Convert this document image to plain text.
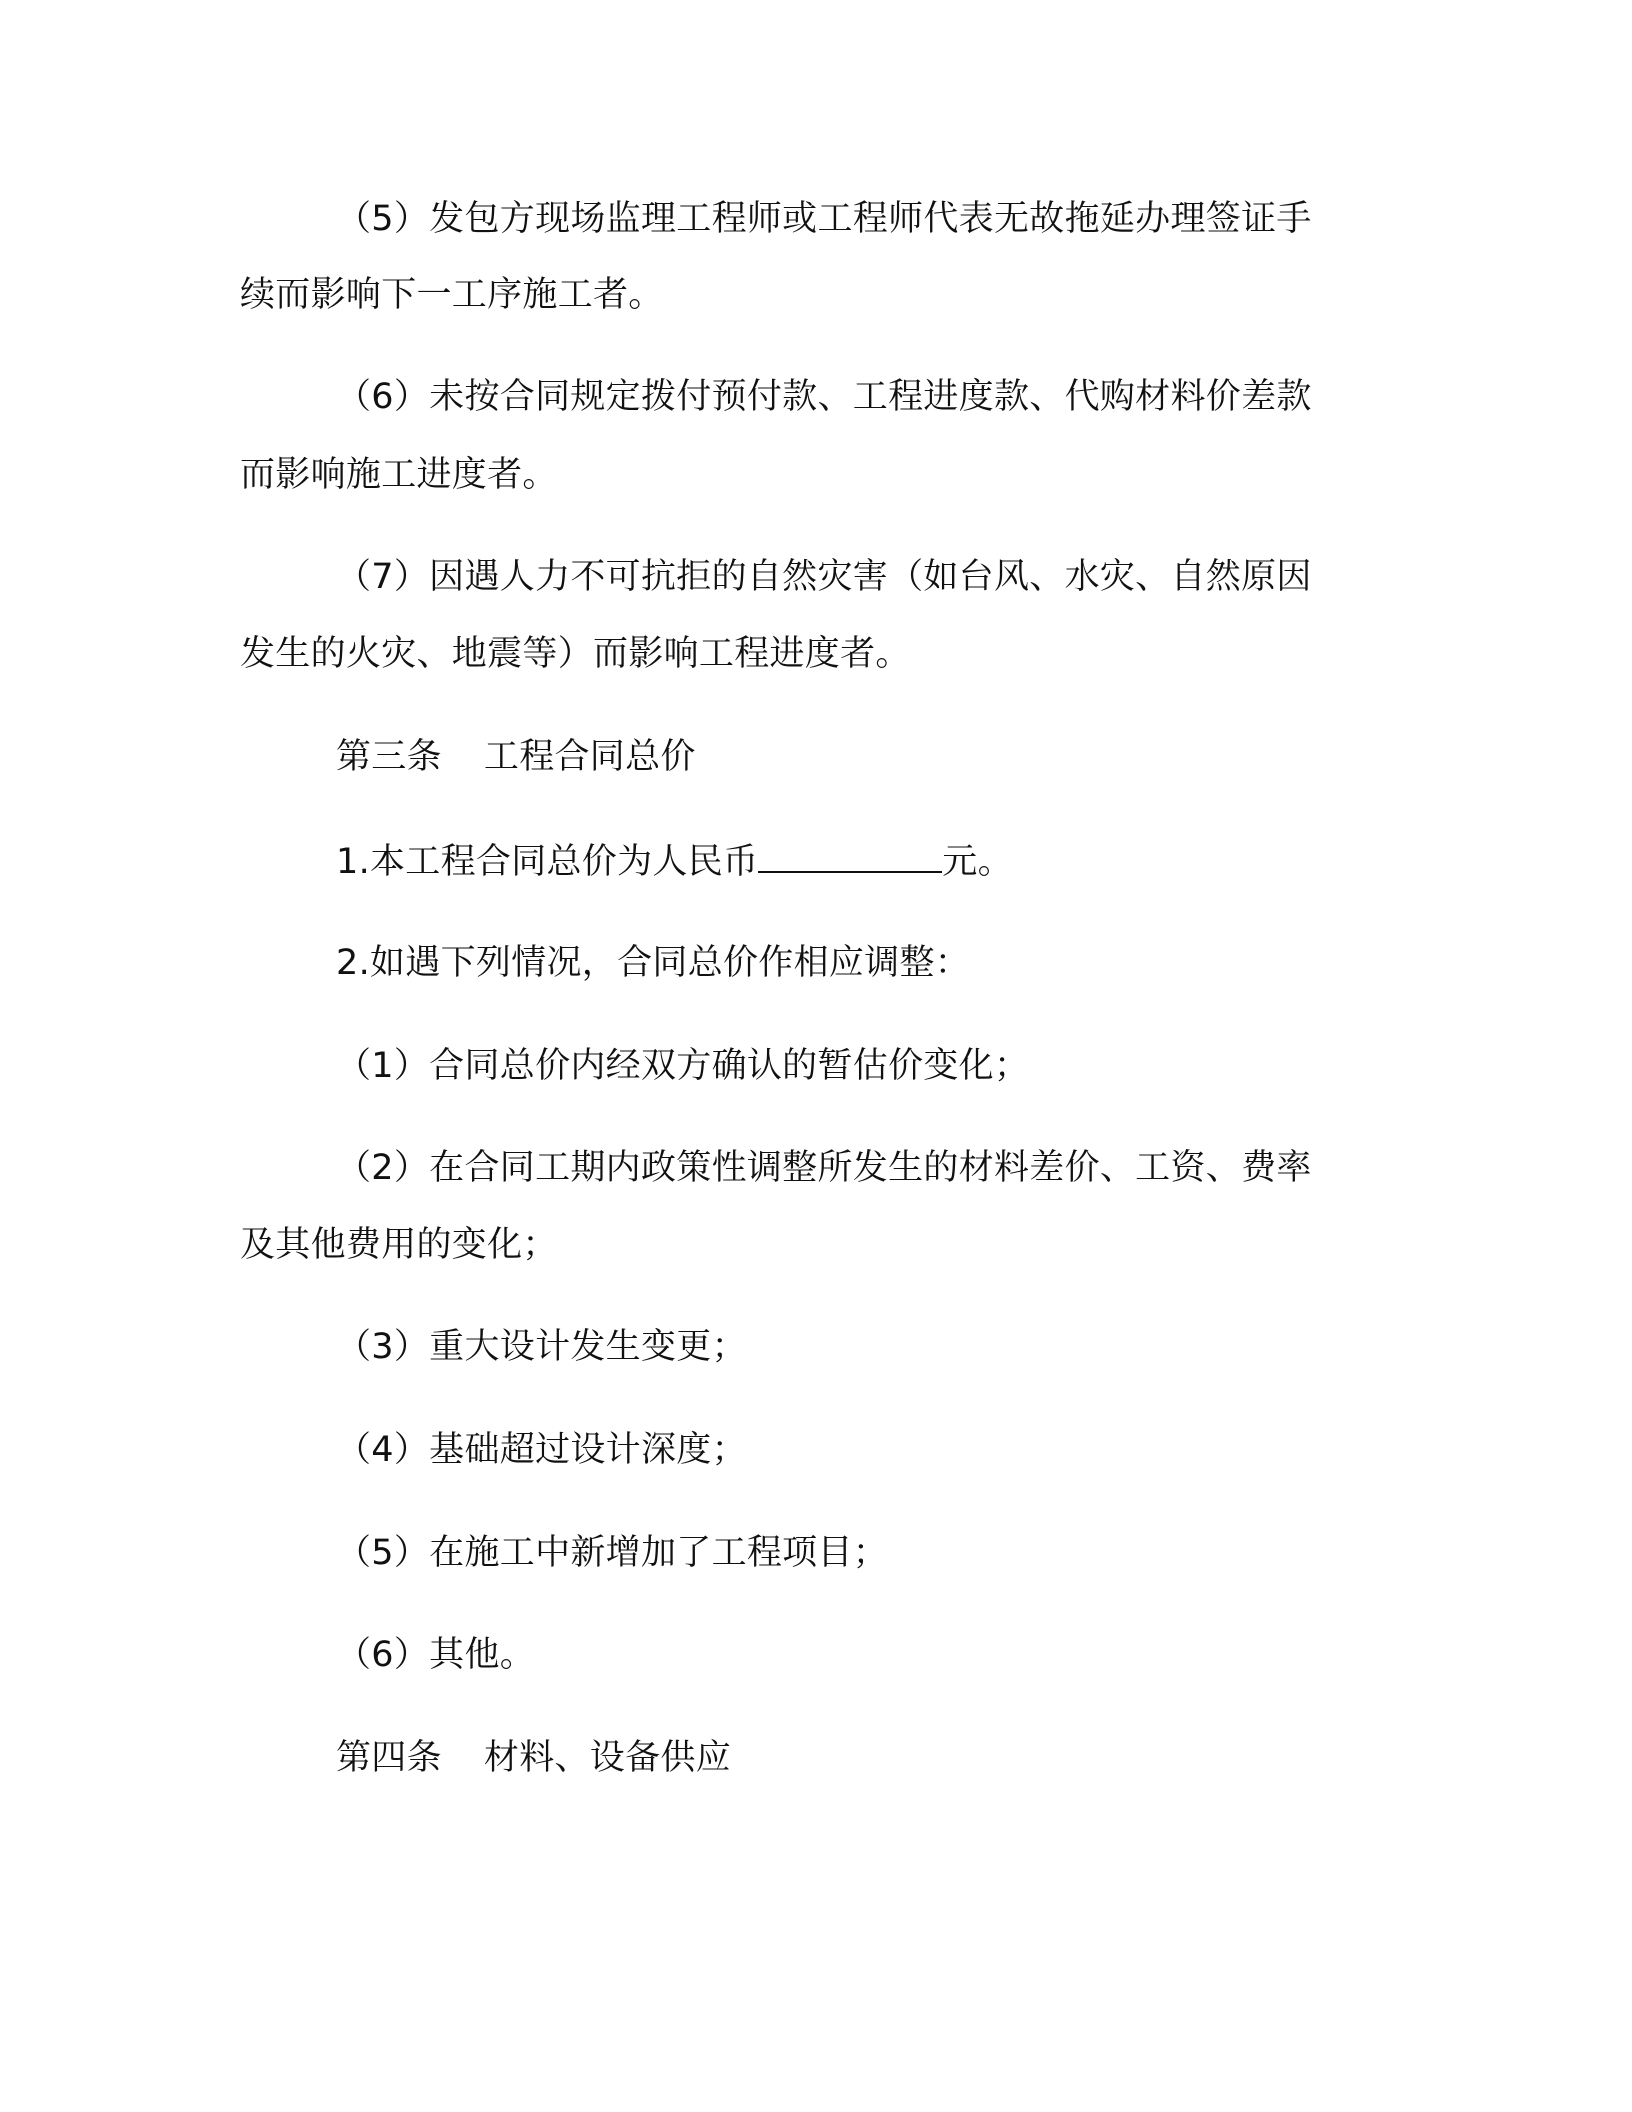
（5）发包方现场监理工程师或工程师代表无故拖延办理签证手
续而影响下一工序施工者。
（6）未按合同规定拨付预付款、工程进度款、代购材料价差款
而影响施工进度者。
（7）因遇人力不可抗拒的自然灾害（如台风、水灾、自然原因
发生的火灾、地震等）而影响工程进度者。
第三条 工程合同总价
1.本工程合同总价为人民币	元。
2.如遇下列情况，合同总价作相应调整：
（1）合同总价内经双方确认的暂估价变化；
（2）在合同工期内政策性调整所发生的材料差价、工资、费率
及其他费用的变化；
（3）重大设计发生变更；
（4）基础超过设计深度；
（5）在施工中新增加了工程项目；
（6）其他。
第四条 材料、设备供应
